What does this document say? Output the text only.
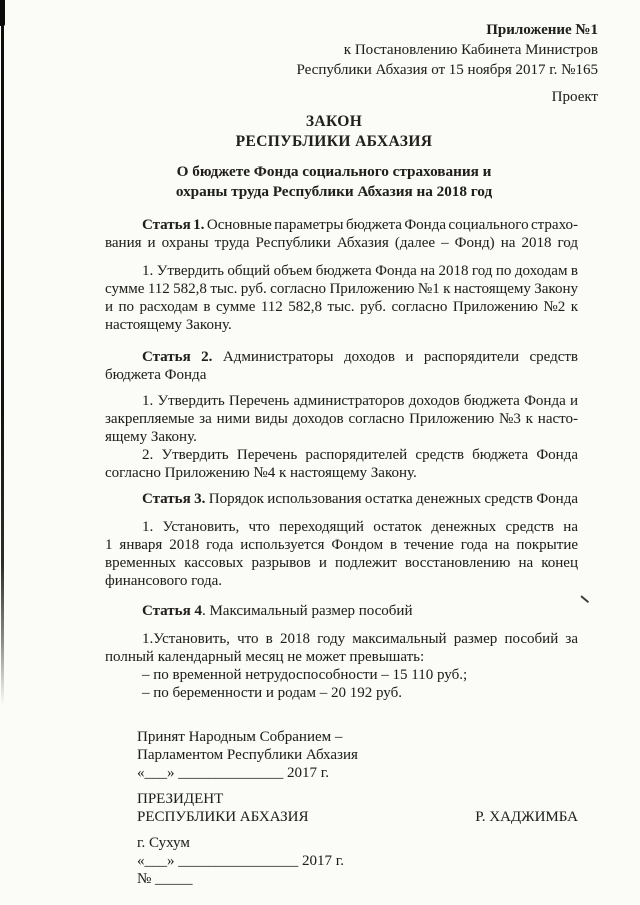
Приложение №1
к Постановлению Кабинета Министров
Республики Абхазия от 15 ноября 2017 г. №165
Проект
ЗАКОН
РЕСПУБЛИКИ АБХАЗИЯ
О бюджете Фонда социального страхования и
охраны труда Республики Абхазия на 2018 год
Статья 1. Основные параметры бюджета Фонда социального страхо-
вания и охраны труда Республики Абхазия (далее – Фонд) на 2018 год
1. Утвердить общий объем бюджета Фонда на 2018 год по доходам в
сумме 112 582,8 тыс. руб. согласно Приложению №1 к настоящему Закону
и по расходам в сумме 112 582,8 тыс. руб. согласно Приложению №2 к
настоящему Закону.
Статья 2. Администраторы доходов и распорядители средств
бюджета Фонда
1. Утвердить Перечень администраторов доходов бюджета Фонда и
закрепляемые за ними виды доходов согласно Приложению №3 к насто-
ящему Закону.
2. Утвердить Перечень распорядителей средств бюджета Фонда
согласно Приложению №4 к настоящему Закону.
Статья 3. Порядок использования остатка денежных средств Фонда
1. Установить, что переходящий остаток денежных средств на
1 января 2018 года используется Фондом в течение года на покрытие
временных кассовых разрывов и подлежит восстановлению на конец
финансового года.
Статья 4. Максимальный размер пособий
1.Установить, что в 2018 году максимальный размер пособий за
полный календарный месяц не может превышать:
– по временной нетрудоспособности – 15 110 руб.;
– по беременности и родам – 20 192 руб.
Принят Народным Собранием –
Парламентом Республики Абхазия
«___» ______________ 2017 г.
ПРЕЗИДЕНТ
РЕСПУБЛИКИ АБХАЗИЯ	Р. ХАДЖИМБА
г. Сухум
«___» ________________ 2017 г.
№ _____
